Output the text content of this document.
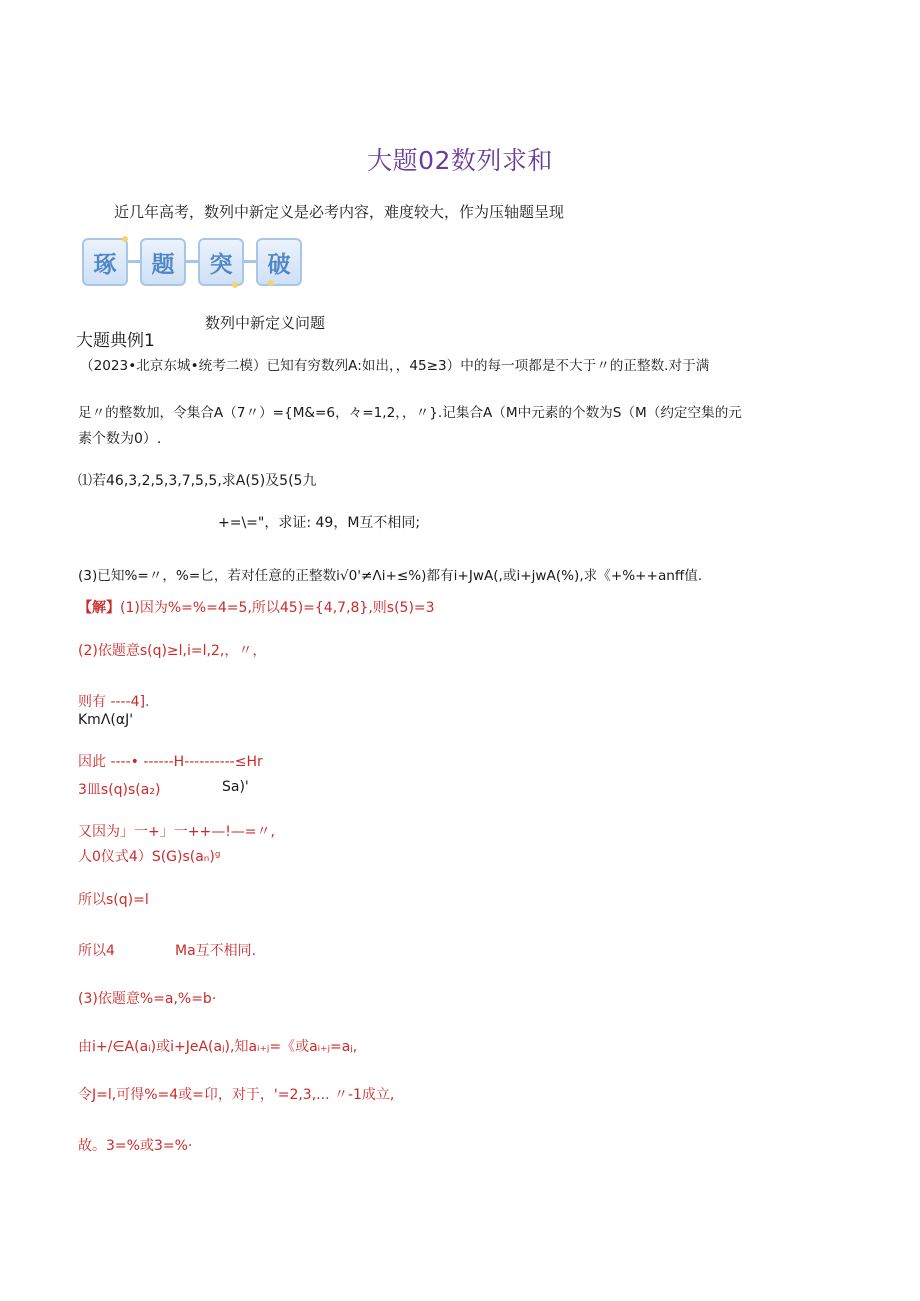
大题02数列求和
近几年高考，数列中新定义是必考内容，难度较大，作为压轴题呈现
琢	题	突	破
数列中新定义问题
大题典例1
（2023•北京东城•统考二模）已知有穷数列A:如出，，45≥3）中的每一项都是不大于〃的正整数.对于满
足〃的整数加，令集合A（7〃）={M&=6，々=1,2，，〃}.记集合A（M中元素的个数为S（M（约定空集的元
素个数为0）.
⑴若46,3,2,5,3,7,5,5,求A(5)及5(5九
+=\="，求证: 49，M互不相同;
(3)已知%=〃，%=匕，若对任意的正整数i√0'≠Λi+≤%)都有i+JwA(,或i+jwA(%),求《+%++anff值.
【解】(1)因为%=%=4=5,所以45)={4,7,8},则s(5)=3
(2)依题意s(q)≥l,i=l,2,，〃，
则有 ----4].
KmΛ(αJ'
因此 ----• ------H----------≤Hr
3皿s(q)s(a₂)	Sa)'
又因为」一+」一++—!—=〃,
人0仪式4）S(G)s(aₙ)ᵍ
所以s(q)=l
所以4	Ma互不相同.
(3)依题意%=a,%=b·
由i+/∈A(aᵢ)或i+JeA(aⱼ),知aᵢ₊ⱼ=《或aᵢ₊ⱼ=aⱼ,
令J=l,可得%=4或=卬，对于，'=2,3,... 〃-1成立,
故。3=%或3=%·
